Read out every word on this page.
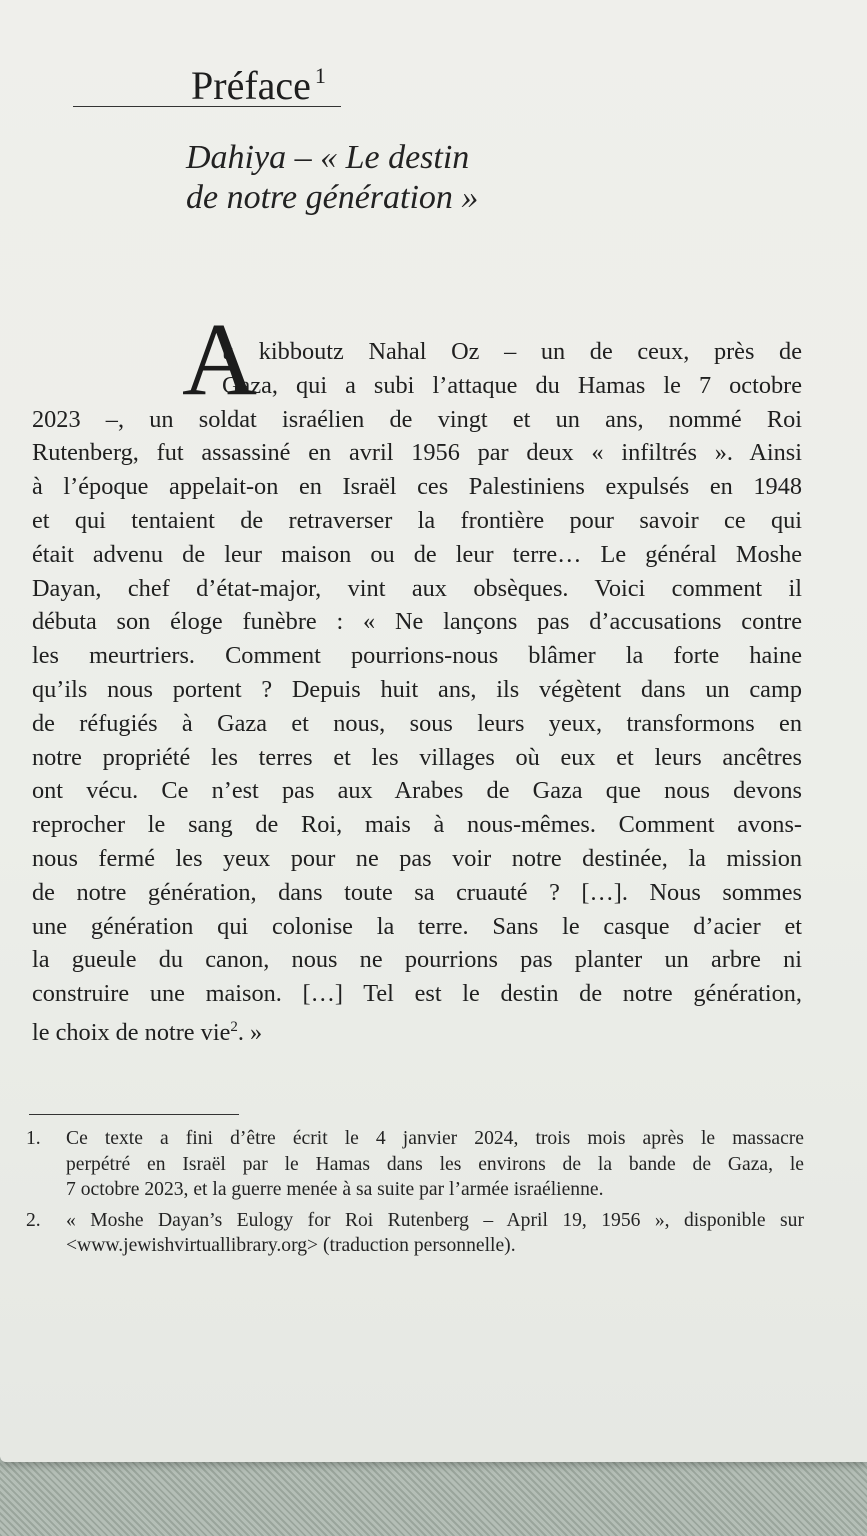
Préface $^1$
Dahiya – « Le destin
de notre génération »
A
u kibboutz Nahal Oz – un de ceux, près de
Gaza, qui a subi l’attaque du Hamas le 7 octobre
2023 –, un soldat israélien de vingt et un ans, nommé Roi
Rutenberg, fut assassiné en avril 1956 par deux « infiltrés ». Ainsi
à l’époque appelait-on en Israël ces Palestiniens expulsés en 1948
et qui tentaient de retraverser la frontière pour savoir ce qui
était advenu de leur maison ou de leur terre… Le général Moshe
Dayan, chef d’état-major, vint aux obsèques. Voici comment il
débuta son éloge funèbre : « Ne lançons pas d’accusations contre
les meurtriers. Comment pourrions-nous blâmer la forte haine
qu’ils nous portent ? Depuis huit ans, ils végètent dans un camp
de réfugiés à Gaza et nous, sous leurs yeux, transformons en
notre propriété les terres et les villages où eux et leurs ancêtres
ont vécu. Ce n’est pas aux Arabes de Gaza que nous devons
reprocher le sang de Roi, mais à nous-mêmes. Comment avons-
nous fermé les yeux pour ne pas voir notre destinée, la mission
de notre génération, dans toute sa cruauté ? […]. Nous sommes
une génération qui colonise la terre. Sans le casque d’acier et
la gueule du canon, nous ne pourrions pas planter un arbre ni
construire une maison. […] Tel est le destin de notre génération,
le choix de notre vie$^2$. »
1. Ce texte a fini d’être écrit le 4 janvier 2024, trois mois après le massacre
perpétré en Israël par le Hamas dans les environs de la bande de Gaza, le
7 octobre 2023, et la guerre menée à sa suite par l’armée israélienne.
2. « Moshe Dayan’s Eulogy for Roi Rutenberg – April 19, 1956 », disponible sur
<www.jewishvirtuallibrary.org> (traduction personnelle).
